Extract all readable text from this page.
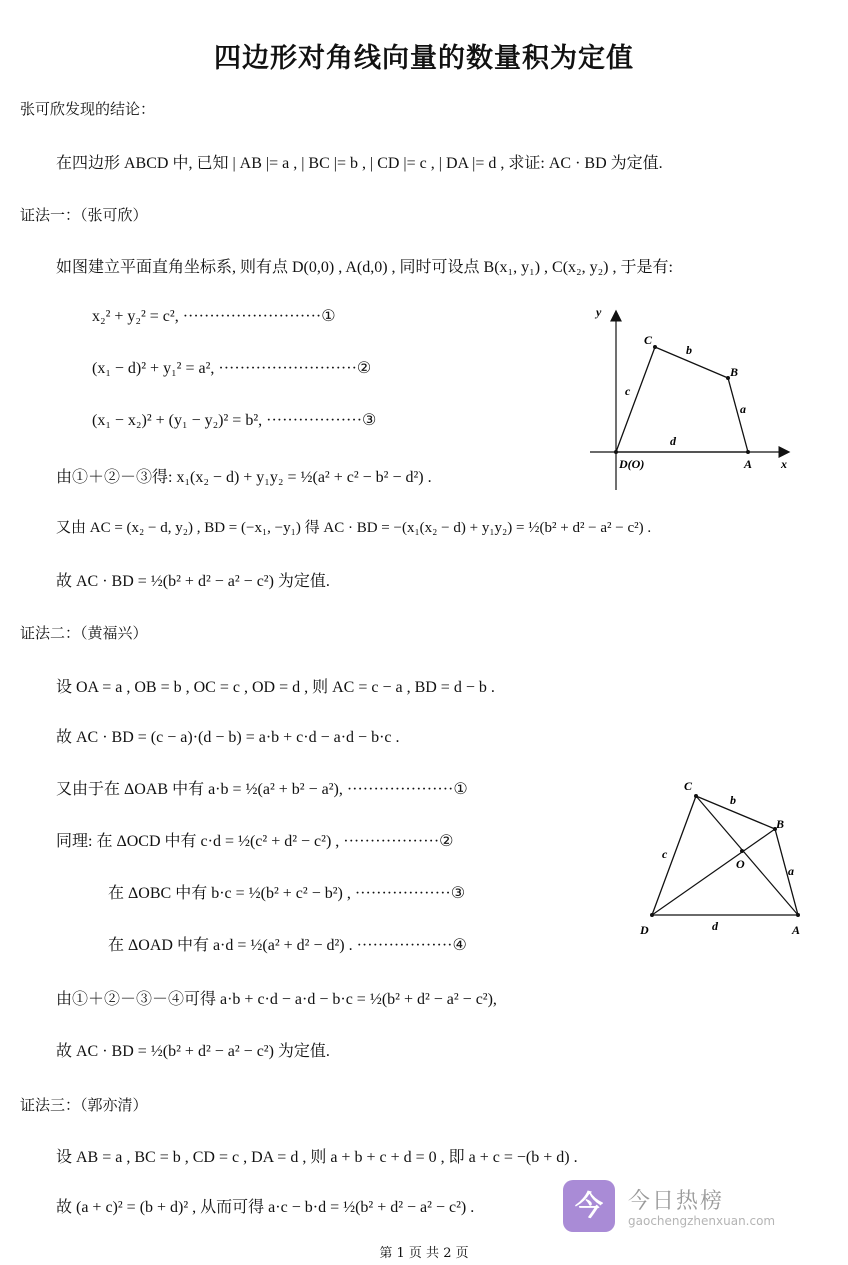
四边形对角线向量的数量积为定值
张可欣发现的结论：
在四边形 ABCD 中, 已知 | AB |= a , | BC |= b , | CD |= c , | DA |= d , 求证: AC · BD 为定值.
证法一：（张可欣）
如图建立平面直角坐标系, 则有点 D(0,0) , A(d,0) , 同时可设点 B(x₁, y₁) , C(x₂, y₂) , 于是有:
x₂² + y₂² = c², ··························①
(x₁ − d)² + y₁² = a², ··························②
(x₁ − x₂)² + (y₁ − y₂)² = b², ··················③
由①＋②－③得: x₁(x₂ − d) + y₁y₂ = ½(a² + c² − b² − d²) .
又由 AC = (x₂ − d, y₂) , BD = (−x₁, −y₁) 得 AC · BD = −(x₁(x₂ − d) + y₁y₂) = ½(b² + d² − a² − c²) .
故 AC · BD = ½(b² + d² − a² − c²) 为定值.
y
x
C
B
A
D(O)
b
a
c
d
证法二：（黄福兴）
设 OA = a , OB = b , OC = c , OD = d , 则 AC = c − a , BD = d − b .
故 AC · BD = (c − a)·(d − b) = a·b + c·d − a·d − b·c .
又由于在 ΔOAB 中有 a·b = ½(a² + b² − a²), ····················①
同理: 在 ΔOCD 中有 c·d = ½(c² + d² − c²) , ··················②
在 ΔOBC 中有 b·c = ½(b² + c² − b²) , ··················③
在 ΔOAD 中有 a·d = ½(a² + d² − d²) . ··················④
由①＋②－③－④可得 a·b + c·d − a·d − b·c = ½(b² + d² − a² − c²),
故 AC · BD = ½(b² + d² − a² − c²) 为定值.
C
B
A
D
O
b
a
c
d
证法三：（郭亦清）
设 AB = a , BC = b , CD = c , DA = d , 则 a + b + c + d = 0 , 即 a + c = −(b + d) .
故 (a + c)² = (b + d)² , 从而可得 a·c − b·d = ½(b² + d² − a² − c²) .	今	今日热榜
gaochengzhenxuan.com
第 1 页 共 2 页
